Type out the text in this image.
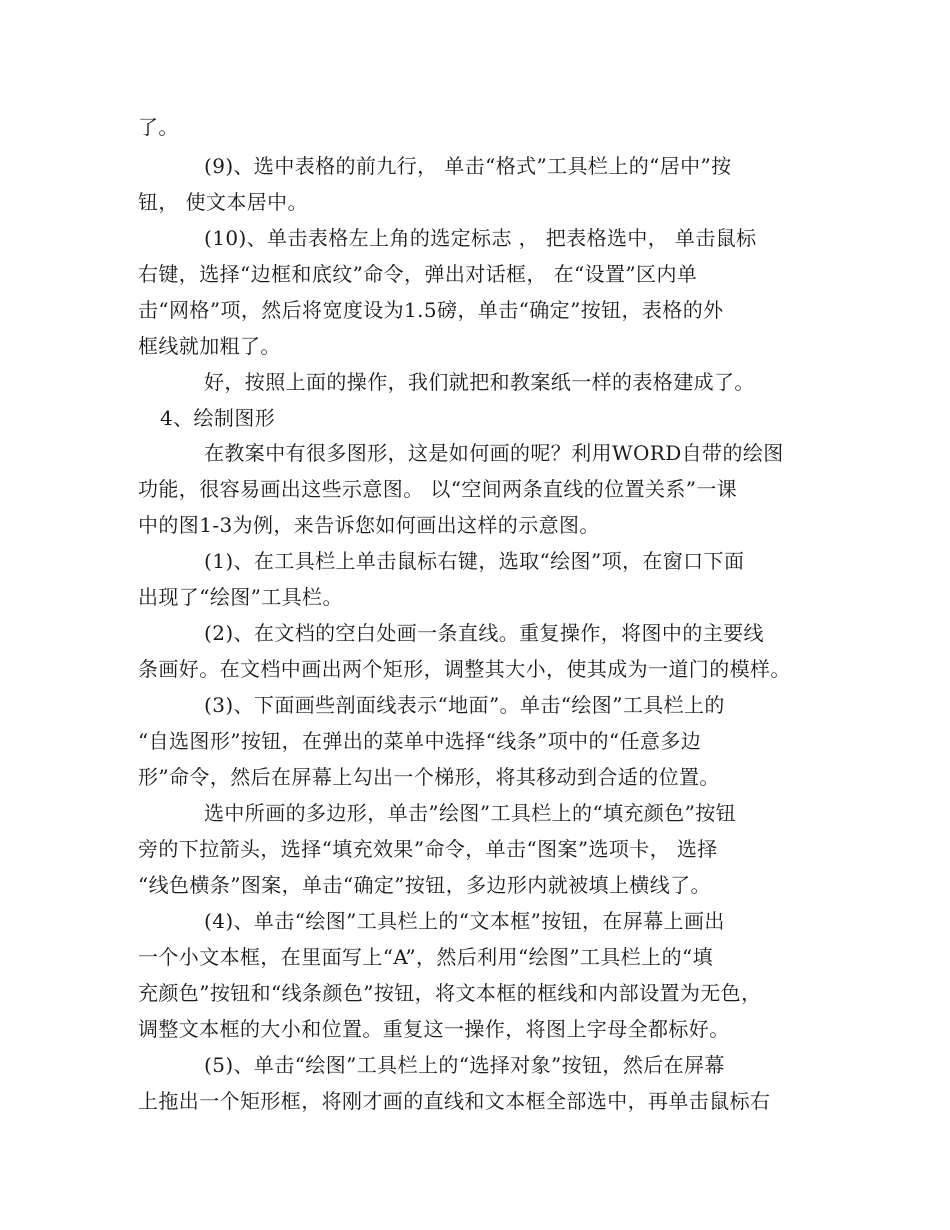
了。
(9)、选中表格的前九行， 单击“格式”工具栏上的“居中”按
钮， 使文本居中。
(10)、单击表格左上角的选定标志 ， 把表格选中， 单击鼠标
右键，选择“边框和底纹”命令，弹出对话框， 在“设置”区内单
击“网格”项，然后将宽度设为1.5磅，单击“确定”按钮，表格的外
框线就加粗了。
好，按照上面的操作，我们就把和教案纸一样的表格建成了。
4、绘制图形
在教案中有很多图形，这是如何画的呢？利用WORD自带的绘图
功能，很容易画出这些示意图。 以“空间两条直线的位置关系”一课
中的图1-3为例，来告诉您如何画出这样的示意图。
(1)、在工具栏上单击鼠标右键，选取“绘图”项，在窗口下面
出现了“绘图”工具栏。
(2)、在文档的空白处画一条直线。重复操作，将图中的主要线
条画好。在文档中画出两个矩形，调整其大小，使其成为一道门的模样。
(3)、下面画些剖面线表示“地面”。单击“绘图”工具栏上的
“自选图形”按钮，在弹出的菜单中选择“线条”项中的“任意多边
形”命令，然后在屏幕上勾出一个梯形，将其移动到合适的位置。
选中所画的多边形，单击”绘图”工具栏上的“填充颜色”按钮
旁的下拉箭头，选择“填充效果”命令，单击“图案”选项卡， 选择
“线色横条”图案，单击“确定”按钮，多边形内就被填上横线了。
(4)、单击“绘图”工具栏上的“文本框”按钮，在屏幕上画出
一个小文本框，在里面写上“A”，然后利用“绘图”工具栏上的“填
充颜色”按钮和“线条颜色”按钮，将文本框的框线和内部设置为无色，
调整文本框的大小和位置。重复这一操作，将图上字母全都标好。
(5)、单击“绘图”工具栏上的“选择对象”按钮，然后在屏幕
上拖出一个矩形框，将刚才画的直线和文本框全部选中，再单击鼠标右
